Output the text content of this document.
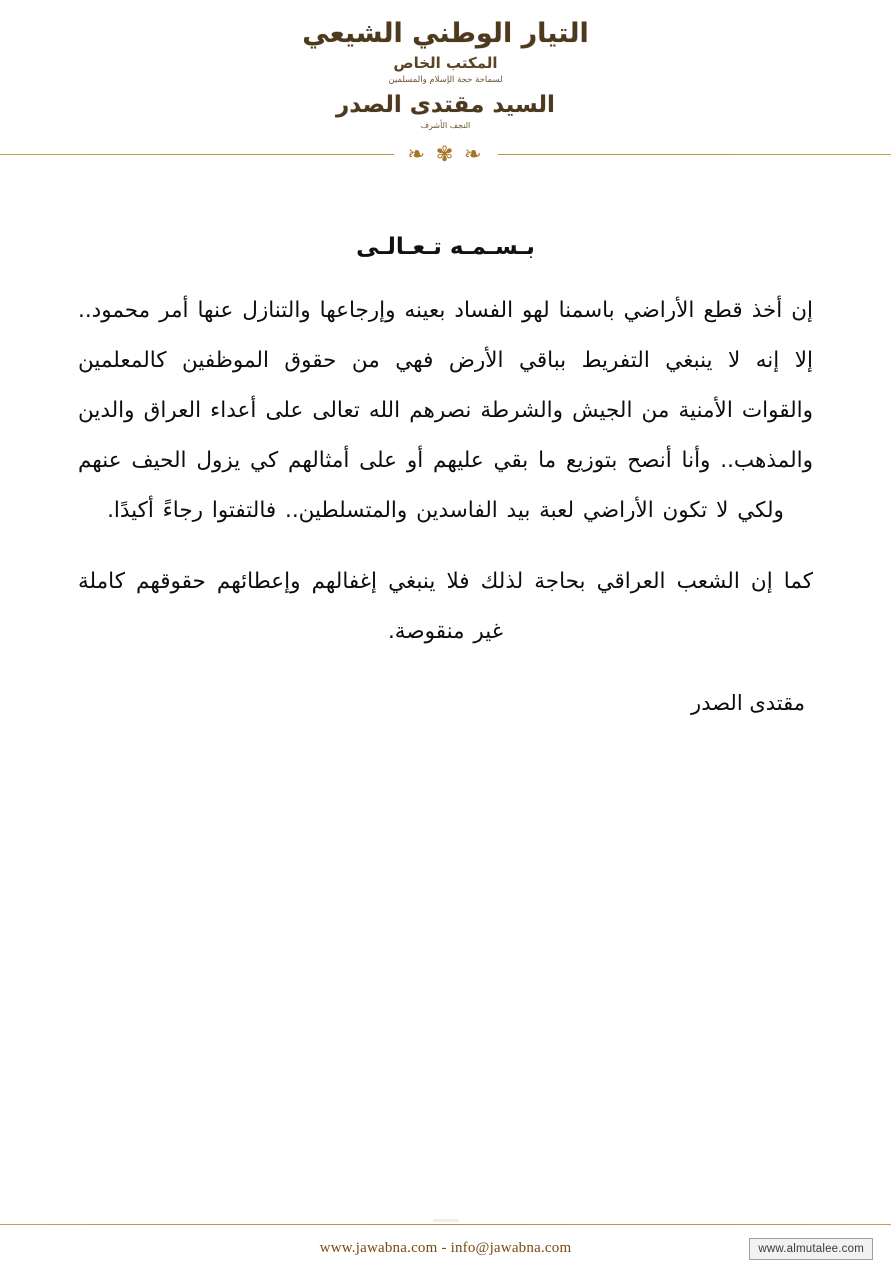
التيار الوطني الشيعي
المكتب الخاص
لسماحة حجة الإسلام والمسلمين
السيد مقتدى الصدر
النجف الأشرف
❧ ✾ ❧
بـسـمـه تـعـالـى
إن أخذ قطع الأراضي باسمنا لهو الفساد بعينه وإرجاعها والتنازل عنها أمر محمود.. إلا إنه لا ينبغي التفريط بباقي الأرض فهي من حقوق الموظفين كالمعلمين والقوات الأمنية من الجيش والشرطة نصرهم الله تعالى على أعداء العراق والدين والمذهب.. وأنا أنصح بتوزيع ما بقي عليهم أو على أمثالهم كي يزول الحيف عنهم ولكي لا تكون الأراضي لعبة بيد الفاسدين والمتسلطين.. فالتفتوا رجاءً أكيدًا.
كما إن الشعب العراقي بحاجة لذلك فلا ينبغي إغفالهم وإعطائهم حقوقهم كاملة غير منقوصة.
مقتدى الصدر
www.jawabna.com - info@jawabna.com	www.almutalee.com
